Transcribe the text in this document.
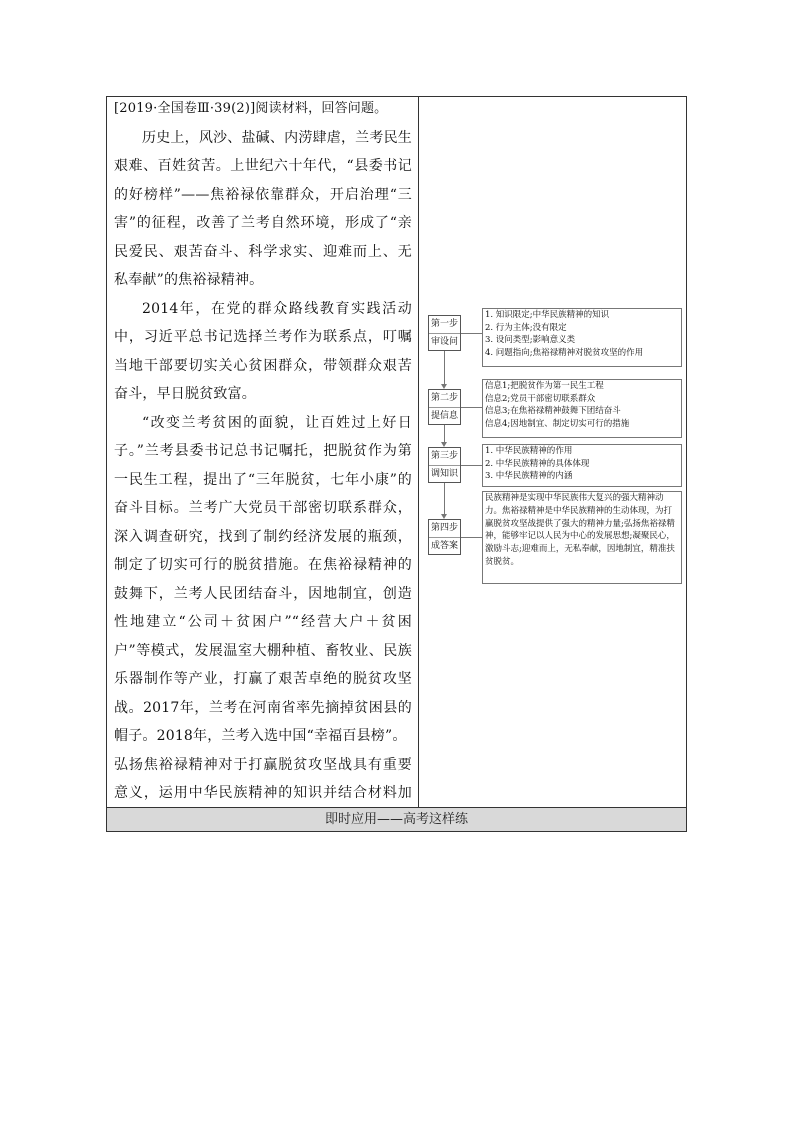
[2019·全国卷Ⅲ·39(2)]阅读材料，回答问题。

历史上，风沙、盐碱、内涝肆虐，兰考民生艰难、百姓贫苦。上世纪六十年代，“县委书记的好榜样”——焦裕禄依靠群众，开启治理“三害”的征程，改善了兰考自然环境，形成了“亲民爱民、艰苦奋斗、科学求实、迎难而上、无私奉献”的焦裕禄精神。

2014年，在党的群众路线教育实践活动中，习近平总书记选择兰考作为联系点，叮嘱当地干部要切实关心贫困群众，带领群众艰苦奋斗，早日脱贫致富。

“改变兰考贫困的面貌，让百姓过上好日子。”兰考县委书记总书记嘱托，把脱贫作为第一民生工程，提出了“三年脱贫，七年小康”的奋斗目标。兰考广大党员干部密切联系群众，深入调查研究，找到了制约经济发展的瓶颈，制定了切实可行的脱贫措施。在焦裕禄精神的鼓舞下，兰考人民团结奋斗，因地制宜，创造性地建立“公司＋贫困户”“经营大户＋贫困户”等模式，发展温室大棚种植、畜牧业、民族乐器制作等产业，打赢了艰苦卓绝的脱贫攻坚战。2017年，兰考在河南省率先摘掉贫困县的帽子。2018年，兰考入选中国“幸福百县榜”。

弘扬焦裕禄精神对于打赢脱贫攻坚战具有重要意义，运用中华民族精神的知识并结合材料加

第一步
审设问
1. 知识限定;中华民族精神的知识
2. 行为主体;没有限定
3. 设问类型;影响意义类
4. 问题指向;焦裕禄精神对脱贫攻坚的作用
第二步
提信息
信息1;把脱贫作为第一民生工程
信息2;党员干部密切联系群众
信息3;在焦裕禄精神鼓舞下团结奋斗
信息4;因地制宜、制定切实可行的措施
第三步
调知识
1. 中华民族精神的作用
2. 中华民族精神的具体体现
3. 中华民族精神的内涵
第四步
成答案
民族精神是实现中华民族伟大复兴的强大精神动力。焦裕禄精神是中华民族精神的生动体现，为打赢脱贫攻坚战提供了强大的精神力量;弘扬焦裕禄精神，能够牢记以人民为中心的发展思想;凝聚民心，激励斗志;迎难而上，无私奉献，因地制宜，精准扶贫脱贫。
即时应用——高考这样练
